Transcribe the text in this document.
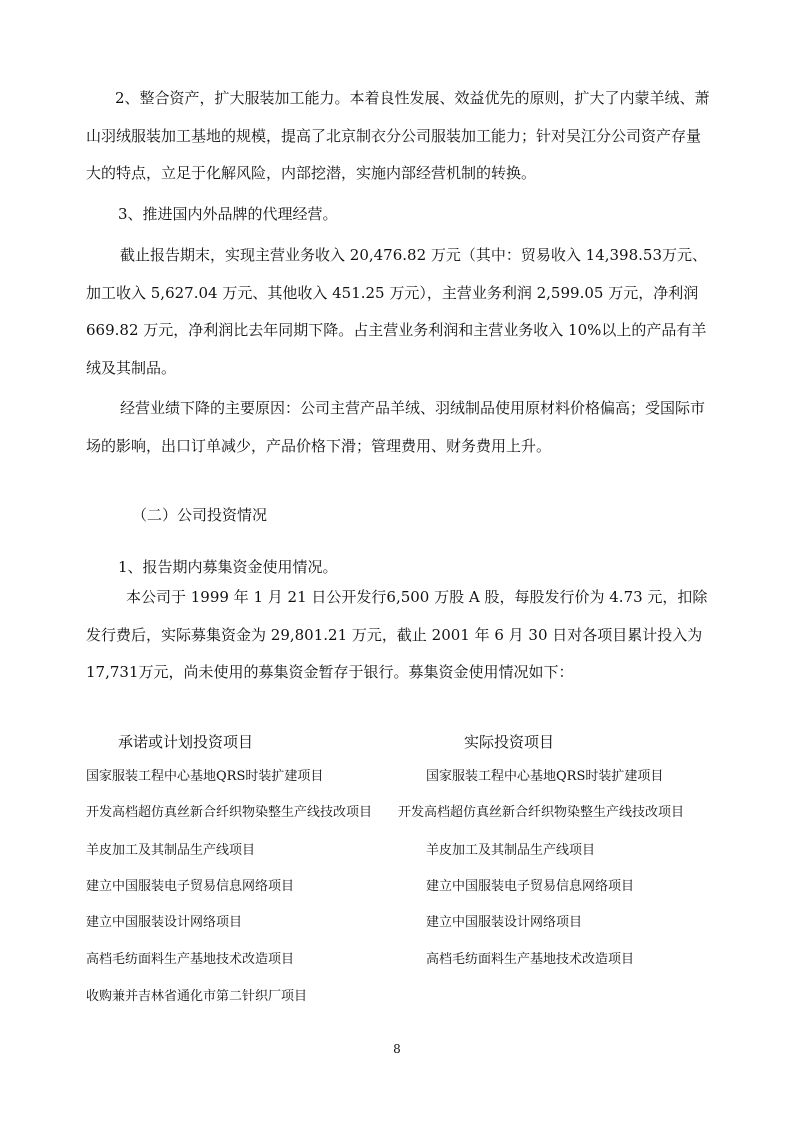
2、整合资产，扩大服装加工能力。本着良性发展、效益优先的原则，扩大了内蒙羊绒、萧山羽绒服装加工基地的规模，提高了北京制衣分公司服装加工能力；针对吴江分公司资产存量大的特点，立足于化解风险，内部挖潜，实施内部经营机制的转换。

3、推进国内外品牌的代理经营。

截止报告期末，实现主营业务收入 20,476.82 万元（其中：贸易收入 14,398.53万元、加工收入 5,627.04 万元、其他收入 451.25 万元），主营业务利润 2,599.05 万元，净利润669.82 万元，净利润比去年同期下降。占主营业务利润和主营业务收入 10%以上的产品有羊绒及其制品。

经营业绩下降的主要原因：公司主营产品羊绒、羽绒制品使用原材料价格偏高；受国际市场的影响，出口订单减少，产品价格下滑；管理费用、财务费用上升。

（二）公司投资情况

1、报告期内募集资金使用情况。

本公司于 1999 年 1 月 21 日公开发行6,500 万股 A 股，每股发行价为 4.73 元，扣除发行费后，实际募集资金为 29,801.21 万元，截止 2001 年 6 月 30 日对各项目累计投入为17,731万元，尚未使用的募集资金暂存于银行。募集资金使用情况如下：

承诺或计划投资项目	实际投资项目

国家服装工程中心基地QRS时装扩建项目	国家服装工程中心基地QRS时装扩建项目

开发高档超仿真丝新合纤织物染整生产线技改项目 开发高档超仿真丝新合纤织物染整生产线技改项目

羊皮加工及其制品生产线项目	羊皮加工及其制品生产线项目

建立中国服装电子贸易信息网络项目	建立中国服装电子贸易信息网络项目

建立中国服装设计网络项目	建立中国服装设计网络项目

高档毛纺面料生产基地技术改造项目	高档毛纺面料生产基地技术改造项目

收购兼并吉林省通化市第二针织厂项目

8
